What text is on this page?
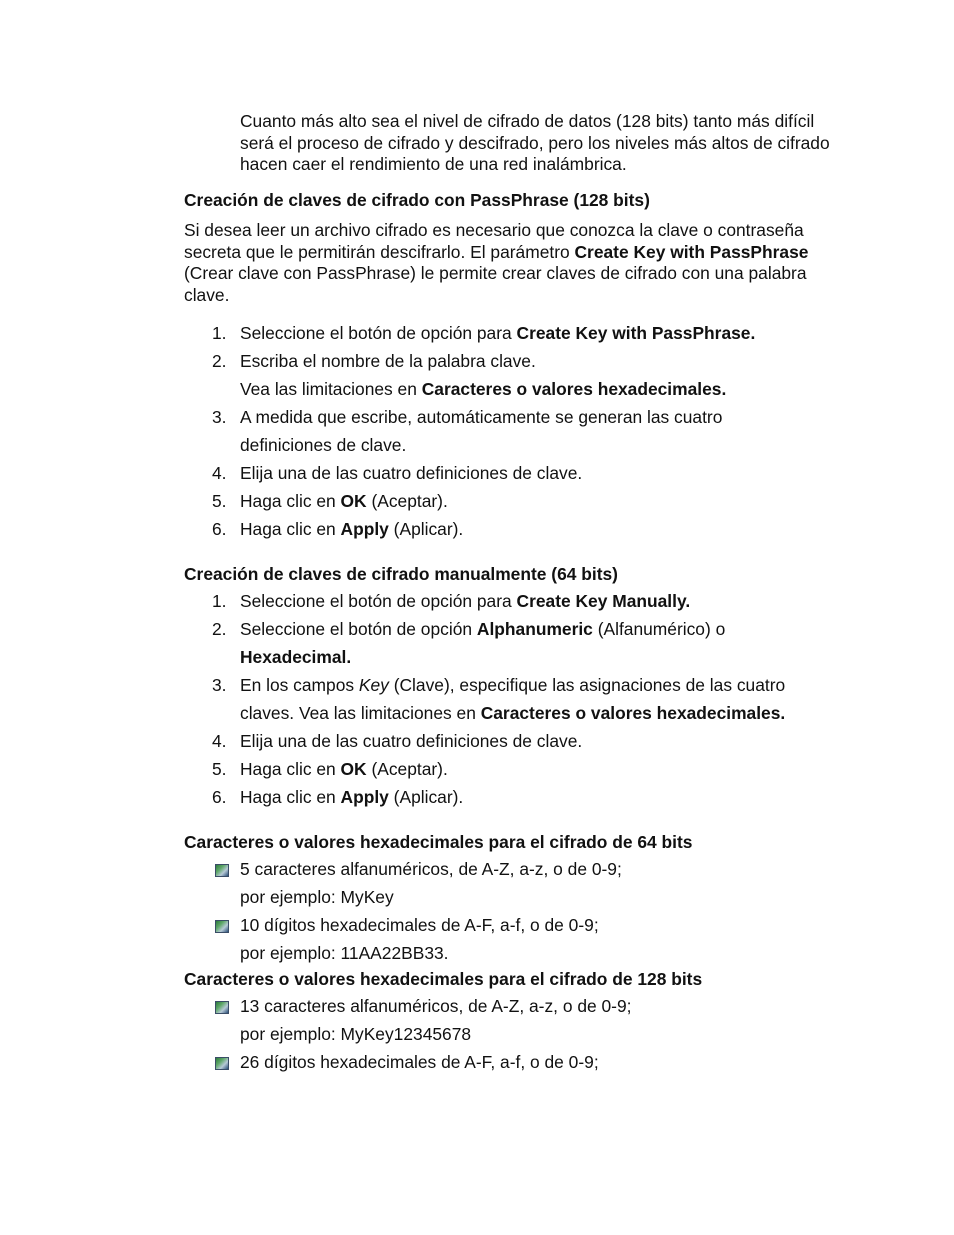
Cuanto más alto sea el nivel de cifrado de datos (128 bits) tanto más difícil será el proceso de cifrado y descifrado, pero los niveles más altos de cifrado hacen caer el rendimiento de una red inalámbrica.
Creación de claves de cifrado con PassPhrase (128 bits)
Si desea leer un archivo cifrado es necesario que conozca la clave o contraseña secreta que le permitirán descifrarlo. El parámetro Create Key with PassPhrase (Crear clave con PassPhrase) le permite crear claves de cifrado con una palabra clave.
1. Seleccione el botón de opción para Create Key with PassPhrase.
2. Escriba el nombre de la palabra clave.
Vea las limitaciones en Caracteres o valores hexadecimales.
3. A medida que escribe, automáticamente se generan las cuatro
definiciones de clave.
4. Elija una de las cuatro definiciones de clave.
5. Haga clic en OK (Aceptar).
6. Haga clic en Apply (Aplicar).
Creación de claves de cifrado manualmente (64 bits)
1. Seleccione el botón de opción para Create Key Manually.
2. Seleccione el botón de opción Alphanumeric (Alfanumérico) o
Hexadecimal.
3. En los campos Key (Clave), especifique las asignaciones de las cuatro
claves. Vea las limitaciones en Caracteres o valores hexadecimales.
4. Elija una de las cuatro definiciones de clave.
5. Haga clic en OK (Aceptar).
6. Haga clic en Apply (Aplicar).
Caracteres o valores hexadecimales para el cifrado de 64 bits
5 caracteres alfanuméricos, de A-Z, a-z, o de 0-9;
por ejemplo: MyKey
10 dígitos hexadecimales de A-F, a-f, o de 0-9;
por ejemplo: 11AA22BB33.
Caracteres o valores hexadecimales para el cifrado de 128 bits
13 caracteres alfanuméricos, de A-Z, a-z, o de 0-9;
por ejemplo: MyKey12345678
26 dígitos hexadecimales de A-F, a-f, o de 0-9;
